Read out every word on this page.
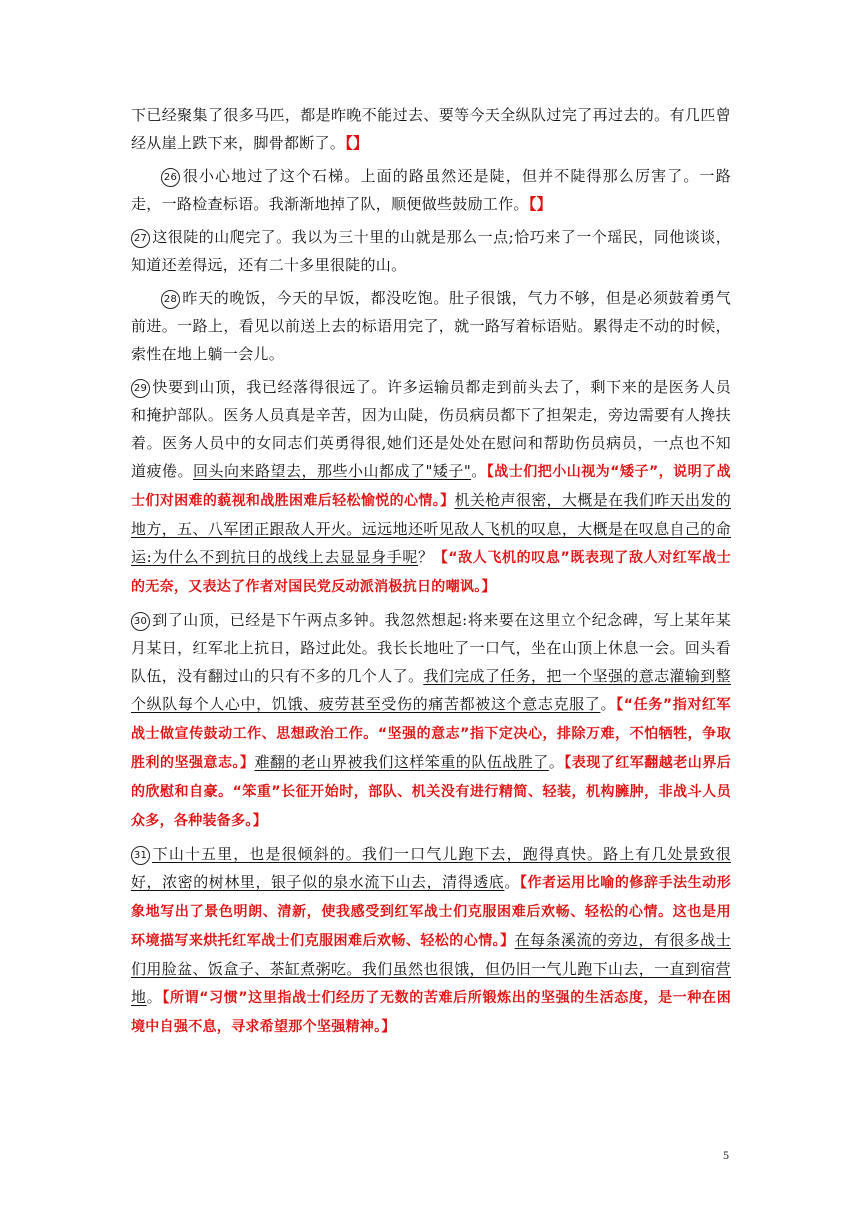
下已经聚集了很多马匹，都是昨晚不能过去、要等今天全纵队过完了再过去的。有几匹曾经从崖上跌下来，脚骨都断了。【】

26 很小心地过了这个石梯。上面的路虽然还是陡，但并不陡得那么厉害了。一路走，一路检查标语。我渐渐地掉了队，顺便做些鼓励工作。【】

27 这很陡的山爬完了。我以为三十里的山就是那么一点;恰巧来了一个瑶民，同他谈谈，知道还差得远，还有二十多里很陡的山。

28 昨天的晚饭，今天的早饭，都没吃饱。肚子很饿，气力不够，但是必须鼓着勇气前进。一路上，看见以前送上去的标语用完了，就一路写着标语贴。累得走不动的时候，索性在地上躺一会儿。

29 快要到山顶，我已经落得很远了。许多运输员都走到前头去了，剩下来的是医务人员和掩护部队。医务人员真是辛苦，因为山陡，伤员病员都下了担架走，旁边需要有人搀扶着。医务人员中的女同志们英勇得很,她们还是处处在慰问和帮助伤员病员，一点也不知道疲倦。回头向来路望去，那些小山都成了"矮子"。【战士们把小山视为“矮子”，说明了战士们对困难的藐视和战胜困难后轻松愉悦的心情。】机关枪声很密，大概是在我们昨天出发的地方，五、八军团正跟敌人开火。远远地还听见敌人飞机的叹息，大概是在叹息自己的命运:为什么不到抗日的战线上去显显身手呢？【“敌人飞机的叹息”既表现了敌人对红军战士的无奈，又表达了作者对国民党反动派消极抗日的嘲讽。】

30 到了山顶，已经是下午两点多钟。我忽然想起:将来要在这里立个纪念碑，写上某年某月某日，红军北上抗日，路过此处。我长长地吐了一口气，坐在山顶上休息一会。回头看队伍，没有翻过山的只有不多的几个人了。我们完成了任务，把一个坚强的意志灌输到整个纵队每个人心中，饥饿、疲劳甚至受伤的痛苦都被这个意志克服了。【“任务”指对红军战士做宣传鼓动工作、思想政治工作。“坚强的意志”指下定决心，排除万难，不怕牺牲，争取胜利的坚强意志。】难翻的老山界被我们这样笨重的队伍战胜了。【表现了红军翻越老山界后的欣慰和自豪。“笨重”长征开始时，部队、机关没有进行精简、轻装，机构臃肿，非战斗人员众多，各种装备多。】

31 下山十五里，也是很倾斜的。我们一口气儿跑下去，跑得真快。路上有几处景致很好，浓密的树林里，银子似的泉水流下山去，清得透底。【作者运用比喻的修辞手法生动形象地写出了景色明朗、清新，使我感受到红军战士们克服困难后欢畅、轻松的心情。这也是用环境描写来烘托红军战士们克服困难后欢畅、轻松的心情。】在每条溪流的旁边，有很多战士们用脸盆、饭盒子、茶缸煮粥吃。我们虽然也很饿，但仍旧一气儿跑下山去，一直到宿营地。【所谓“习惯”这里指战士们经历了无数的苦难后所锻炼出的坚强的生活态度，是一种在困境中自强不息，寻求希望那个坚强精神。】

5
